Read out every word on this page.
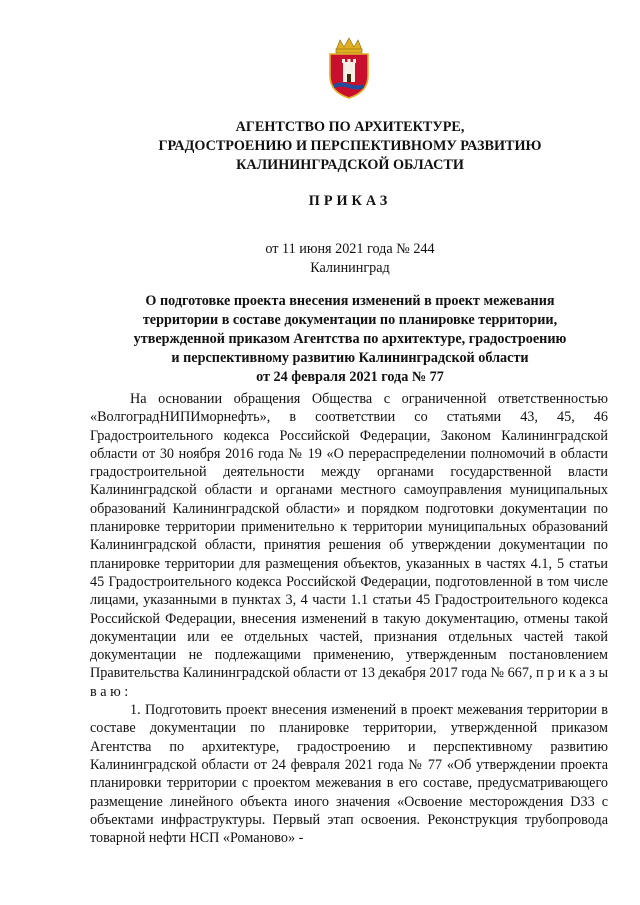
АГЕНТСТВО ПО АРХИТЕКТУРЕ,
ГРАДОСТРОЕНИЮ И ПЕРСПЕКТИВНОМУ РАЗВИТИЮ
КАЛИНИНГРАДСКОЙ ОБЛАСТИ
ПРИКАЗ
от 11 июня 2021 года № 244
Калининград
О подготовке проекта внесения изменений в проект межевания
территории в составе документации по планировке территории,
утвержденной приказом Агентства по архитектуре, градостроению
и перспективному развитию Калининградской области
от 24 февраля 2021 года № 77

На основании обращения Общества с ограниченной ответственностью «ВолгоградНИПИморнефть», в соответствии со статьями 43, 45, 46 Градостроительного кодекса Российской Федерации, Законом Калининградской области от 30 ноября 2016 года № 19 «О перераспределении полномочий в области градостроительной деятельности между органами государственной власти Калининградской области и органами местного самоуправления муниципальных образований Калининградской области» и порядком подготовки документации по планировке территории применительно к территории муниципальных образований Калининградской области, принятия решения об утверждении документации по планировке территории для размещения объектов, указанных в частях 4.1, 5 статьи 45 Градостроительного кодекса Российской Федерации, подготовленной в том числе лицами, указанными в пунктах 3, 4 части 1.1 статьи 45 Градостроительного кодекса Российской Федерации, внесения изменений в такую документацию, отмены такой документации или ее отдельных частей, признания отдельных частей такой документации не подлежащими применению, утвержденным постановлением Правительства Калининградской области от 13 декабря 2017 года № 667, п р и к а з ы в а ю :

1. Подготовить проект внесения изменений в проект межевания территории в составе документации по планировке территории, утвержденной приказом Агентства по архитектуре, градостроению и перспективному развитию Калининградской области от 24 февраля 2021 года № 77 «Об утверждении проекта планировки территории с проектом межевания в его составе, предусматривающего размещение линейного объекта иного значения «Освоение месторождения D33 с объектами инфраструктуры. Первый этап освоения. Реконструкция трубопровода товарной нефти НСП «Романово» -
